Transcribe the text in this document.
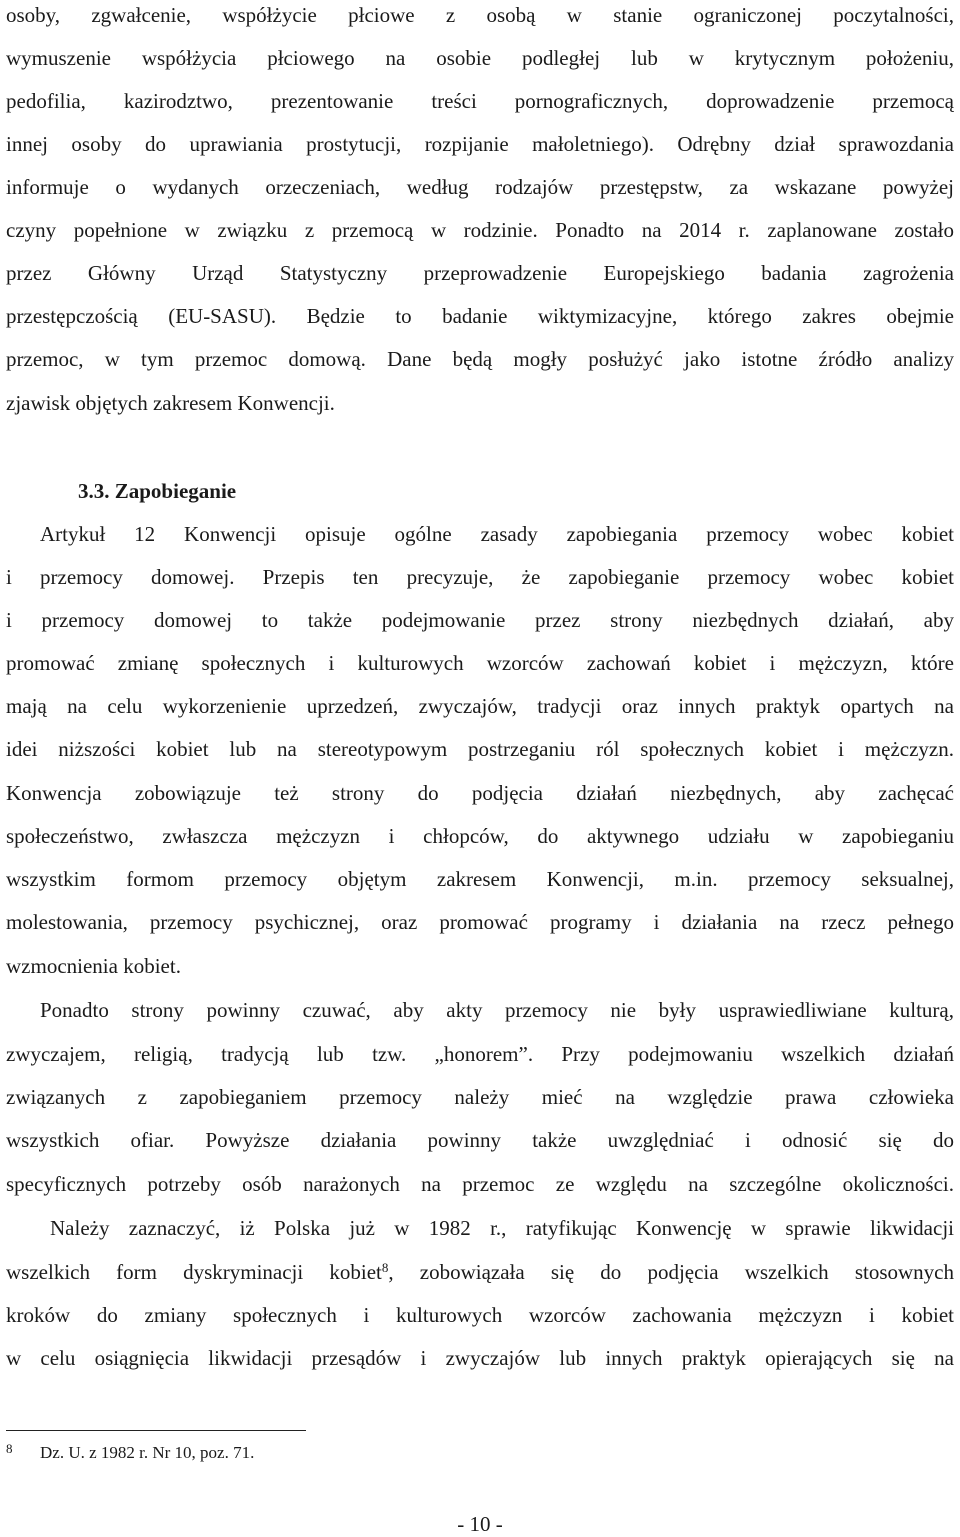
osoby, zgwałcenie, współżycie płciowe z osobą w stanie ograniczonej poczytalności,
wymuszenie współżycia płciowego na osobie podległej lub w krytycznym położeniu,
pedofilia, kazirodztwo, prezentowanie treści pornograficznych, doprowadzenie przemocą
innej osoby do uprawiania prostytucji, rozpijanie małoletniego). Odrębny dział sprawozdania
informuje o wydanych orzeczeniach, według rodzajów przestępstw, za wskazane powyżej
czyny popełnione w związku z przemocą w rodzinie. Ponadto na 2014 r. zaplanowane zostało
przez Główny Urząd Statystyczny przeprowadzenie Europejskiego badania zagrożenia
przestępczością (EU-SASU). Będzie to badanie wiktymizacyjne, którego zakres obejmie
przemoc, w tym przemoc domową. Dane będą mogły posłużyć jako istotne źródło analizy
zjawisk objętych zakresem Konwencji.
3.3. Zapobieganie
Artykuł 12 Konwencji opisuje ogólne zasady zapobiegania przemocy wobec kobiet
i przemocy domowej. Przepis ten precyzuje, że zapobieganie przemocy wobec kobiet
i przemocy domowej to także podejmowanie przez strony niezbędnych działań, aby
promować zmianę społecznych i kulturowych wzorców zachowań kobiet i mężczyzn, które
mają na celu wykorzenienie uprzedzeń, zwyczajów, tradycji oraz innych praktyk opartych na
idei niższości kobiet lub na stereotypowym postrzeganiu ról społecznych kobiet i mężczyzn.
Konwencja zobowiązuje też strony do podjęcia działań niezbędnych, aby zachęcać
społeczeństwo, zwłaszcza mężczyzn i chłopców, do aktywnego udziału w zapobieganiu
wszystkim formom przemocy objętym zakresem Konwencji, m.in. przemocy seksualnej,
molestowania, przemocy psychicznej, oraz promować programy i działania na rzecz pełnego
wzmocnienia kobiet.
Ponadto strony powinny czuwać, aby akty przemocy nie były usprawiedliwiane kulturą,
zwyczajem, religią, tradycją lub tzw. „honorem”. Przy podejmowaniu wszelkich działań
związanych z zapobieganiem przemocy należy mieć na względzie prawa człowieka
wszystkich ofiar. Powyższe działania powinny także uwzględniać i odnosić się do
specyficznych potrzeby osób narażonych na przemoc ze względu na szczególne okoliczności.
Należy zaznaczyć, iż Polska już w 1982 r., ratyfikując Konwencję w sprawie likwidacji
wszelkich form dyskryminacji kobiet$^8$, zobowiązała się do podjęcia wszelkich stosownych
kroków do zmiany społecznych i kulturowych wzorców zachowania mężczyzn i kobiet
w celu osiągnięcia likwidacji przesądów i zwyczajów lub innych praktyk opierających się na
8 Dz. U. z 1982 r. Nr 10, poz. 71.
- 10 -
